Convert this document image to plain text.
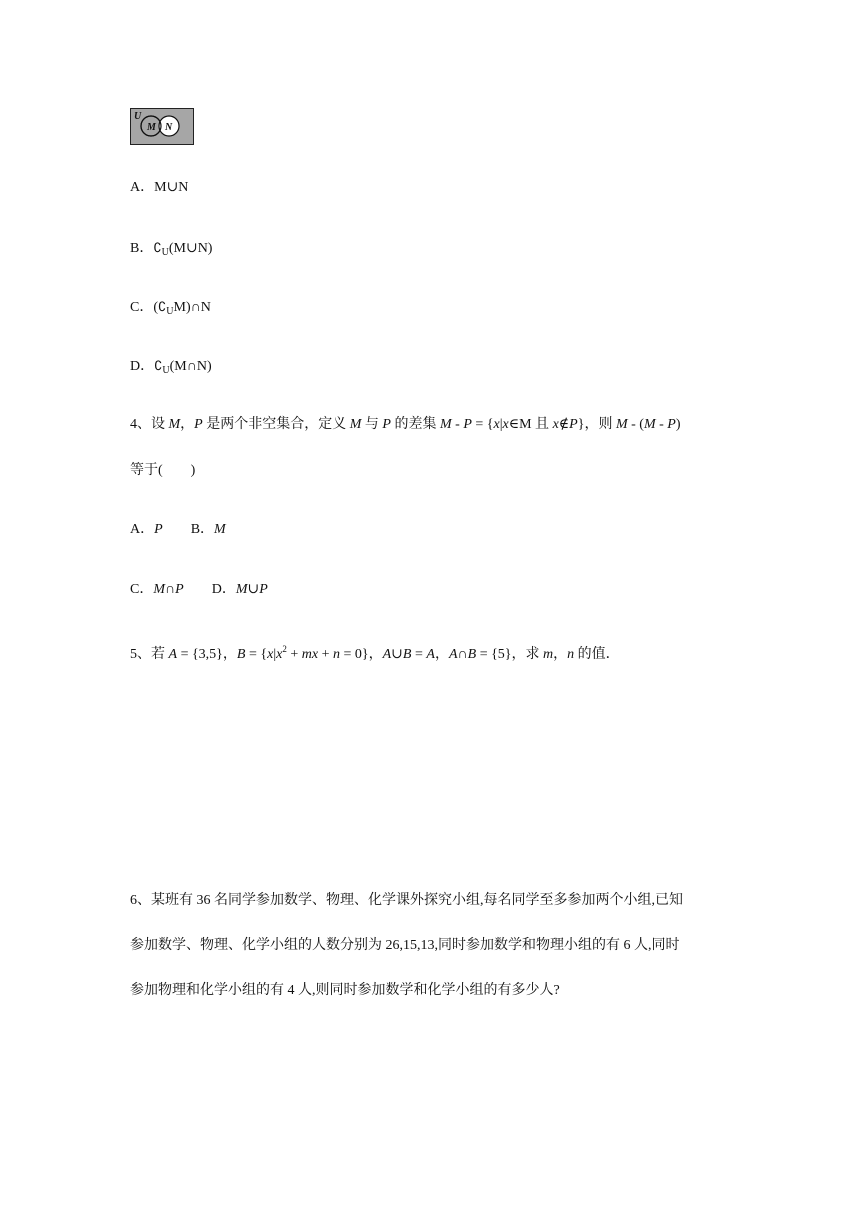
U
M N
A．M∪N
B．$∁_U(M\cup N)$
C．$(∁_UM)\cap N$
D．$∁_U(M\cap N)$
4、设 M，P 是两个非空集合，定义 M 与 P 的差集 M - P = {x|x∈M 且 x∉P}，则 M - (M - P)
等于(　　)
A．P B．M
C．M∩P D．M∪P
5、若 A = {3,5}，$B = \{x|x^2$ + mx + n = 0}，A∪B = A，A∩B = {5}，求 m，n 的值．
6、某班有 36 名同学参加数学、物理、化学课外探究小组,每名同学至多参加两个小组,已知
参加数学、物理、化学小组的人数分别为 26,15,13,同时参加数学和物理小组的有 6 人,同时
参加物理和化学小组的有 4 人,则同时参加数学和化学小组的有多少人?
